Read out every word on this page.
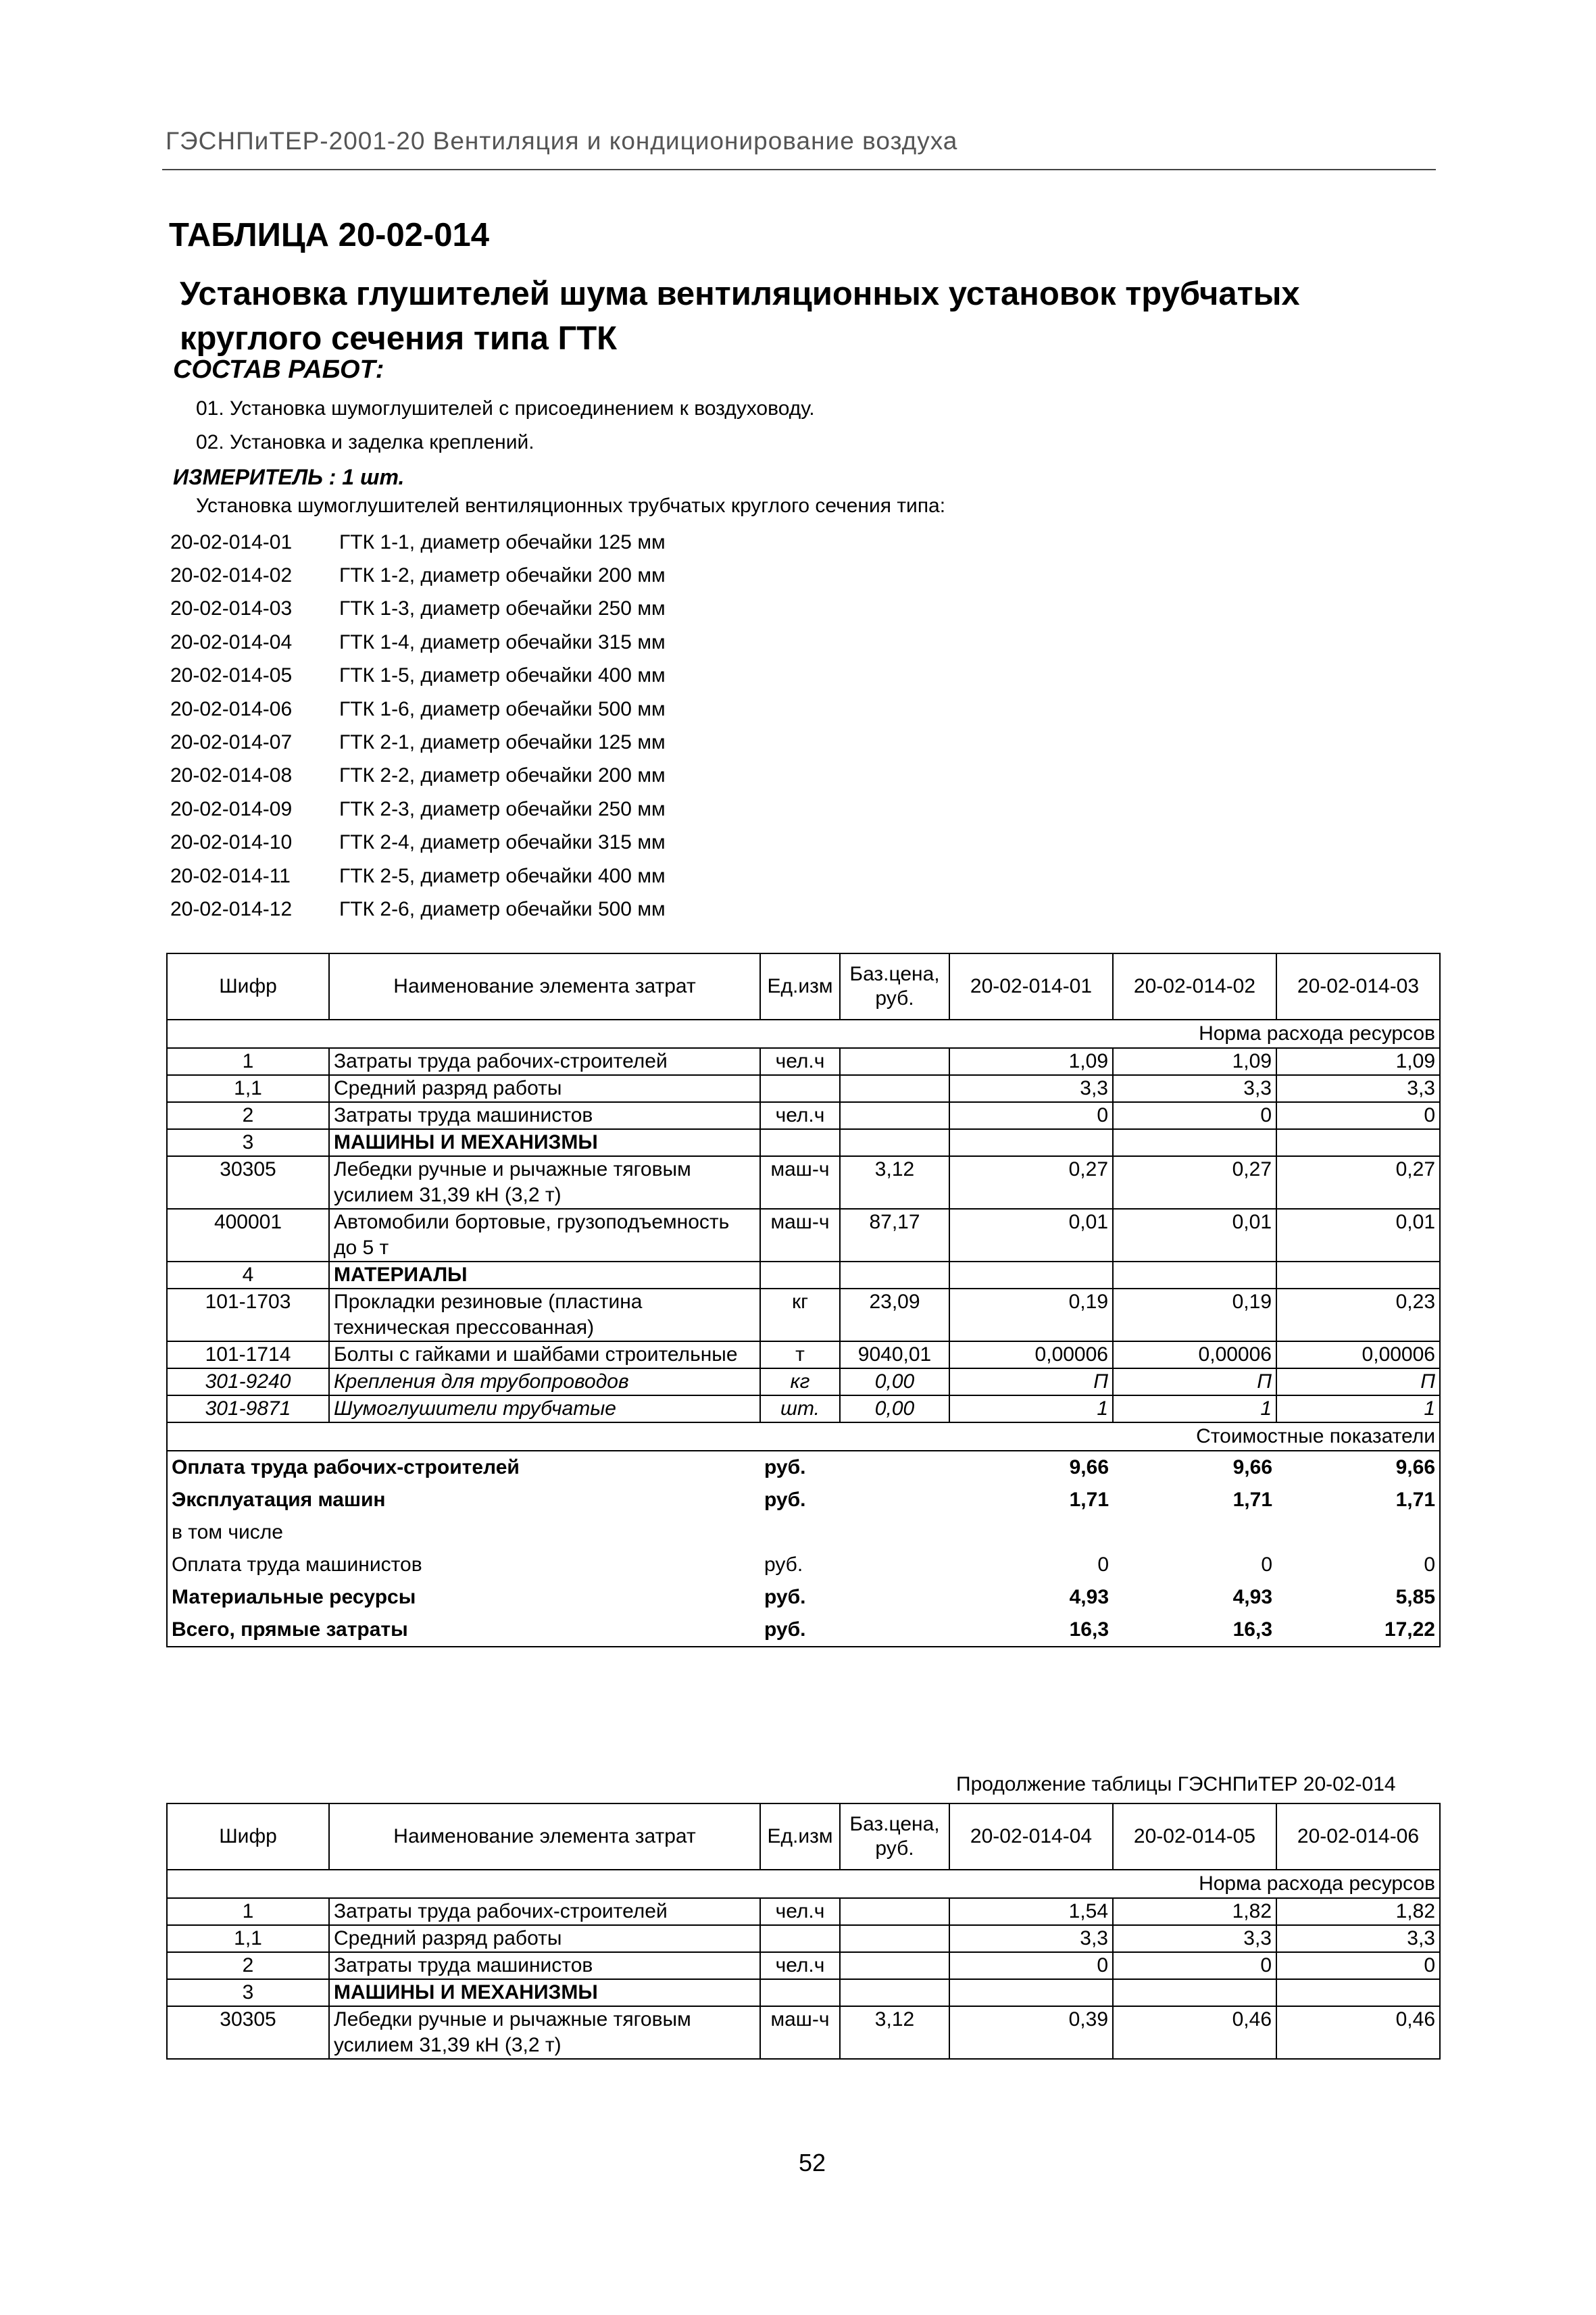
ГЭСНПиТЕР-2001-20 Вентиляция и кондиционирование воздуха
ТАБЛИЦА 20-02-014
Установка глушителей шума вентиляционных установок трубчатых круглого сечения типа ГТК
СОСТАВ РАБОТ:
01. Установка шумоглушителей с присоединением к воздуховоду.
02. Установка и заделка креплений.
ИЗМЕРИТЕЛЬ : 1 шт.
Установка шумоглушителей вентиляционных трубчатых круглого сечения типа:
20-02-014-01	ГТК 1-1, диаметр обечайки 125 мм
20-02-014-02	ГТК 1-2, диаметр обечайки 200 мм
20-02-014-03	ГТК 1-3, диаметр обечайки 250 мм
20-02-014-04	ГТК 1-4, диаметр обечайки 315 мм
20-02-014-05	ГТК 1-5, диаметр обечайки 400 мм
20-02-014-06	ГТК 1-6, диаметр обечайки 500 мм
20-02-014-07	ГТК 2-1, диаметр обечайки 125 мм
20-02-014-08	ГТК 2-2, диаметр обечайки 200 мм
20-02-014-09	ГТК 2-3, диаметр обечайки 250 мм
20-02-014-10	ГТК 2-4, диаметр обечайки 315 мм
20-02-014-11	ГТК 2-5, диаметр обечайки 400 мм
20-02-014-12	ГТК 2-6, диаметр обечайки 500 мм
Шифр	Наименование элемента затрат	Ед.изм	Баз.цена, руб.	20-02-014-01	20-02-014-02	20-02-014-03
Норма расхода ресурсов						
1	Затраты труда рабочих-строителей	чел.ч		1,09	1,09	1,09
1,1	Средний разряд работы			3,3	3,3	3,3
2	Затраты труда машинистов	чел.ч		0	0	0
3	МАШИНЫ И МЕХАНИЗМЫ					
30305	Лебедки ручные и рычажные тяговым усилием 31,39 кН (3,2 т)	маш-ч	3,12	0,27	0,27	0,27
400001	Автомобили бортовые, грузоподъемность до 5 т	маш-ч	87,17	0,01	0,01	0,01
4	МАТЕРИАЛЫ					
101-1703	Прокладки резиновые (пластина техническая прессованная)	кг	23,09	0,19	0,19	0,23
101-1714	Болты с гайками и шайбами строительные	т	9040,01	0,00006	0,00006	0,00006
301-9240	Крепления для трубопроводов	кг	0,00	П	П	П
301-9871	Шумоглушители трубчатые	шт.	0,00	1	1	1
Стоимостные показатели						
Оплата труда рабочих-строителей		руб.		9,66	9,66	9,66
Эксплуатация машин		руб.		1,71	1,71	1,71
в том числе						
Оплата труда машинистов		руб.		0	0	0
Материальные ресурсы		руб.		4,93	4,93	5,85
Всего, прямые затраты		руб.		16,3	16,3	17,22
Продолжение таблицы ГЭСНПиТЕР 20-02-014
Шифр	Наименование элемента затрат	Ед.изм	Баз.цена, руб.	20-02-014-04	20-02-014-05	20-02-014-06
Норма расхода ресурсов						
1	Затраты труда рабочих-строителей	чел.ч		1,54	1,82	1,82
1,1	Средний разряд работы			3,3	3,3	3,3
2	Затраты труда машинистов	чел.ч		0	0	0
3	МАШИНЫ И МЕХАНИЗМЫ					
30305	Лебедки ручные и рычажные тяговым усилием 31,39 кН (3,2 т)	маш-ч	3,12	0,39	0,46	0,46
52
